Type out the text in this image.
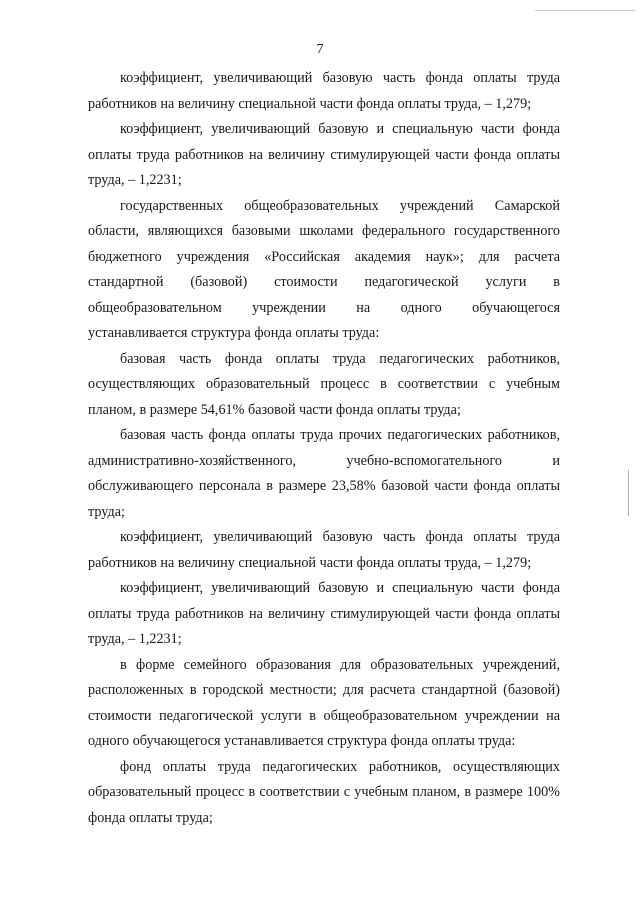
7

коэффициент, увеличивающий базовую часть фонда оплаты труда работников на величину специальной части фонда оплаты труда, – 1,279;

коэффициент, увеличивающий базовую и специальную части фонда оплаты труда работников на величину стимулирующей части фонда оплаты труда, – 1,2231;

государственных общеобразовательных учреждений Самарской области, являющихся базовыми школами федерального государственного бюджетного учреждения «Российская академия наук»; для расчета стандартной (базовой) стоимости педагогической услуги в общеобразовательном учреждении на одного обучающегося

устанавливается структура фонда оплаты труда:

базовая часть фонда оплаты труда педагогических работников, осуществляющих образовательный процесс в соответствии с учебным планом, в размере 54,61% базовой части фонда оплаты труда;

базовая часть фонда оплаты труда прочих педагогических работников, административно-хозяйственного, учебно-вспомогательного и обслуживающего персонала в размере 23,58% базовой части фонда оплаты труда;

коэффициент, увеличивающий базовую часть фонда оплаты труда работников на величину специальной части фонда оплаты труда, – 1,279;

коэффициент, увеличивающий базовую и специальную части фонда оплаты труда работников на величину стимулирующей части фонда оплаты труда, – 1,2231;

в форме семейного образования для образовательных учреждений, расположенных в городской местности; для расчета стандартной (базовой) стоимости педагогической услуги в общеобразовательном учреждении на одного обучающегося устанавливается структура фонда оплаты труда:

фонд оплаты труда педагогических работников, осуществляющих образовательный процесс в соответствии с учебным планом, в размере 100% фонда оплаты труда;
